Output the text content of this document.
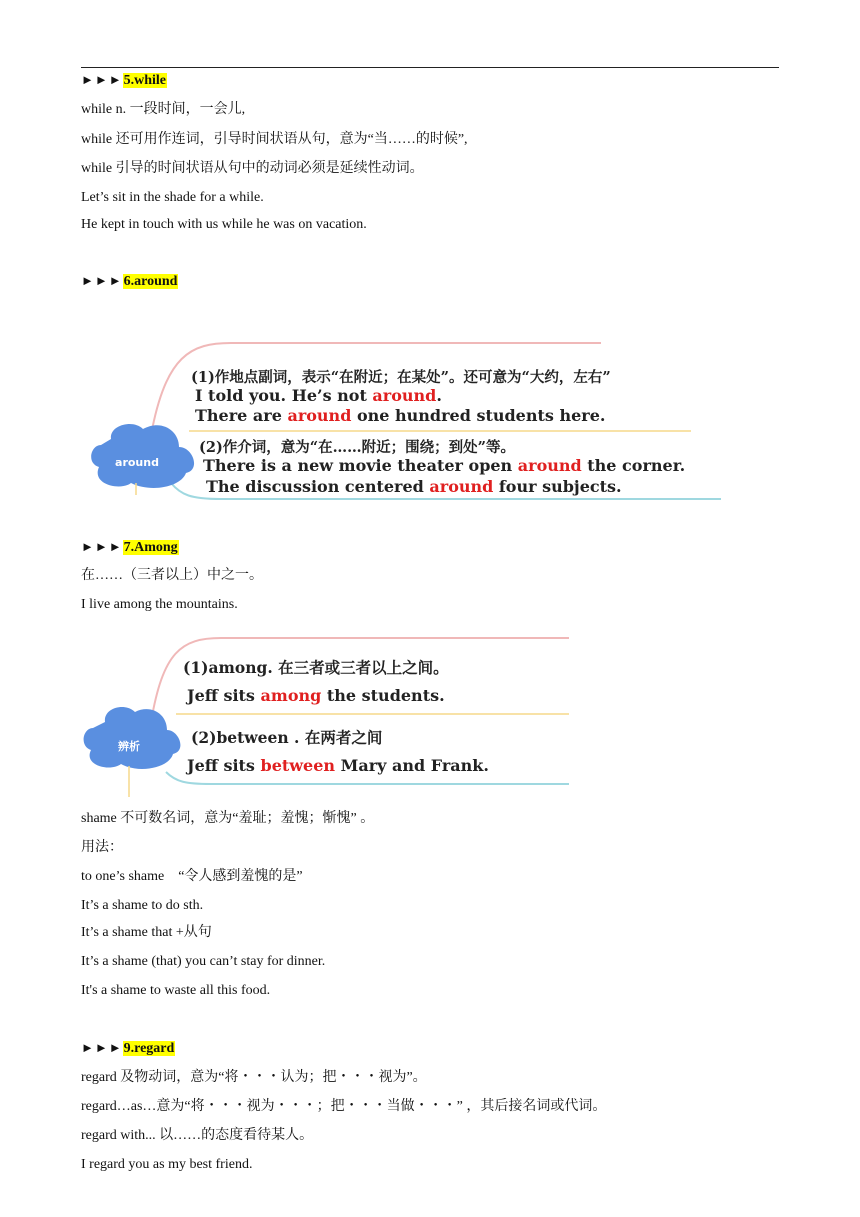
►►►5.while
while n. 一段时间，一会儿,
while 还可用作连词，引导时间状语从句，意为“当……的时候”,
while 引导的时间状语从句中的动词必须是延续性动词。
Let’s sit in the shade for a while.
He kept in touch with us while he was on vacation.
►►►6.around
around
(1)作地点副词，表示“在附近；在某处”。还可意为“大约，左右”
I told you. He’s not around.
There are around one hundred students here.
(2)作介词，意为“在……附近；围绕；到处”等。
There is a new movie theater open around the corner.
The discussion centered around four subjects.
►►►7.Among
在……（三者以上）中之一。
I live among the mountains.
辨析
(1)among. 在三者或三者以上之间。
Jeff sits among the students.
(2)between . 在两者之间
Jeff sits between Mary and Frank.
shame 不可数名词，意为“羞耻；羞愧；惭愧” 。
用法：
to one’s shame    “令人感到羞愧的是”
It’s a shame to do sth.
It’s a shame that +从句
It’s a shame (that) you can’t stay for dinner.
It's a shame to waste all this food.
►►►9.regard
regard 及物动词，意为“将・・・认为；把・・・视为”。
regard…as…意为“将・・・视为・・・；把・・・当做・・・” ，其后接名词或代词。
regard with... 以……的态度看待某人。
I regard you as my best friend.
